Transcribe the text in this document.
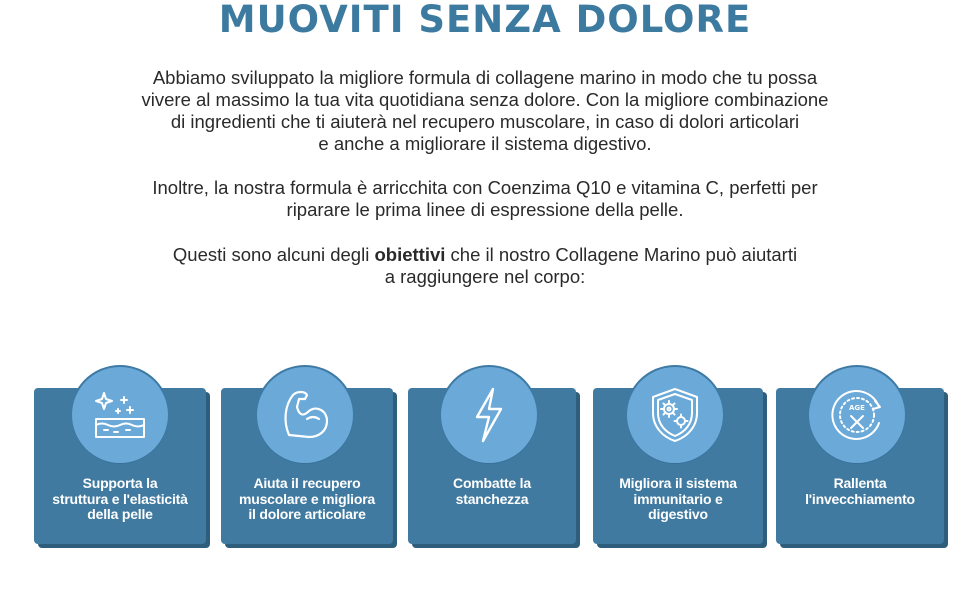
MUOVITI SENZA DOLORE

Abbiamo sviluppato la migliore formula di collagene marino in modo che tu possa
vivere al massimo la tua vita quotidiana senza dolore. Con la migliore combinazione
di ingredienti che ti aiuterà nel recupero muscolare, in caso di dolori articolari
e anche a migliorare il sistema digestivo.

Inoltre, la nostra formula è arricchita con Coenzima Q10 e vitamina C, perfetti per
riparare le prima linee di espressione della pelle.

Questi sono alcuni degli obiettivi che il nostro Collagene Marino può aiutarti
a raggiungere nel corpo:

Supporta la
struttura e l'elasticità
della pelle
Aiuta il recupero
muscolare e migliora
il dolore articolare
Combatte la
stanchezza

Migliora il sistema
immunitario e
digestivo
Rallenta
l'invecchiamento

AGE
